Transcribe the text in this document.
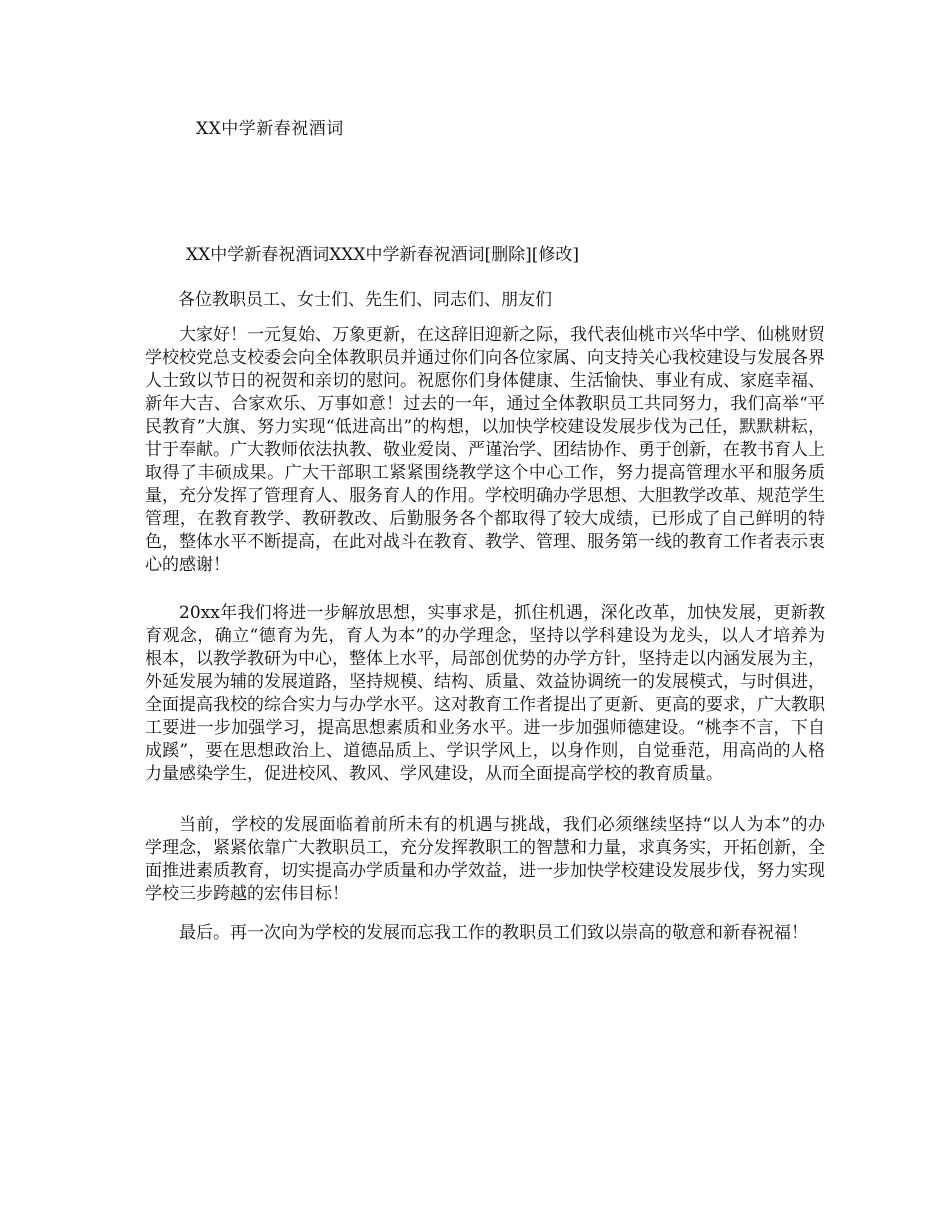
XX中学新春祝酒词
XX中学新春祝酒词XXX中学新春祝酒词[删除][修改]
各位教职员工、女士们、先生们、同志们、朋友们

大家好！一元复始、万象更新，在这辞旧迎新之际，我代表仙桃市兴华中学、仙桃财贸学校校党总支校委会向全体教职员并通过你们向各位家属、向支持关心我校建设与发展各界人士致以节日的祝贺和亲切的慰问。祝愿你们身体健康、生活愉快、事业有成、家庭幸福、新年大吉、合家欢乐、万事如意！过去的一年，通过全体教职员工共同努力，我们高举“平民教育”大旗、努力实现“低进高出”的构想，以加快学校建设发展步伐为己任，默默耕耘，甘于奉献。广大教师依法执教、敬业爱岗、严谨治学、团结协作、勇于创新，在教书育人上取得了丰硕成果。广大干部职工紧紧围绕教学这个中心工作，努力提高管理水平和服务质量，充分发挥了管理育人、服务育人的作用。学校明确办学思想、大胆教学改革、规范学生管理，在教育教学、教研教改、后勤服务各个都取得了较大成绩，已形成了自己鲜明的特色，整体水平不断提高，在此对战斗在教育、教学、管理、服务第一线的教育工作者表示衷心的感谢！

20xx年我们将进一步解放思想，实事求是，抓住机遇，深化改革，加快发展，更新教育观念，确立“德育为先，育人为本”的办学理念，坚持以学科建设为龙头，以人才培养为根本，以教学教研为中心，整体上水平，局部创优势的办学方针，坚持走以内涵发展为主，外延发展为辅的发展道路，坚持规模、结构、质量、效益协调统一的发展模式，与时俱进，全面提高我校的综合实力与办学水平。这对教育工作者提出了更新、更高的要求，广大教职工要进一步加强学习，提高思想素质和业务水平。进一步加强师德建设。“桃李不言，下自成蹊”，要在思想政治上、道德品质上、学识学风上，以身作则，自觉垂范，用高尚的人格力量感染学生，促进校风、教风、学风建设，从而全面提高学校的教育质量。

当前，学校的发展面临着前所未有的机遇与挑战，我们必须继续坚持“以人为本”的办学理念，紧紧依靠广大教职员工，充分发挥教职工的智慧和力量，求真务实，开拓创新，全面推进素质教育，切实提高办学质量和办学效益，进一步加快学校建设发展步伐，努力实现学校三步跨越的宏伟目标！

最后。再一次向为学校的发展而忘我工作的教职员工们致以崇高的敬意和新春祝福！
